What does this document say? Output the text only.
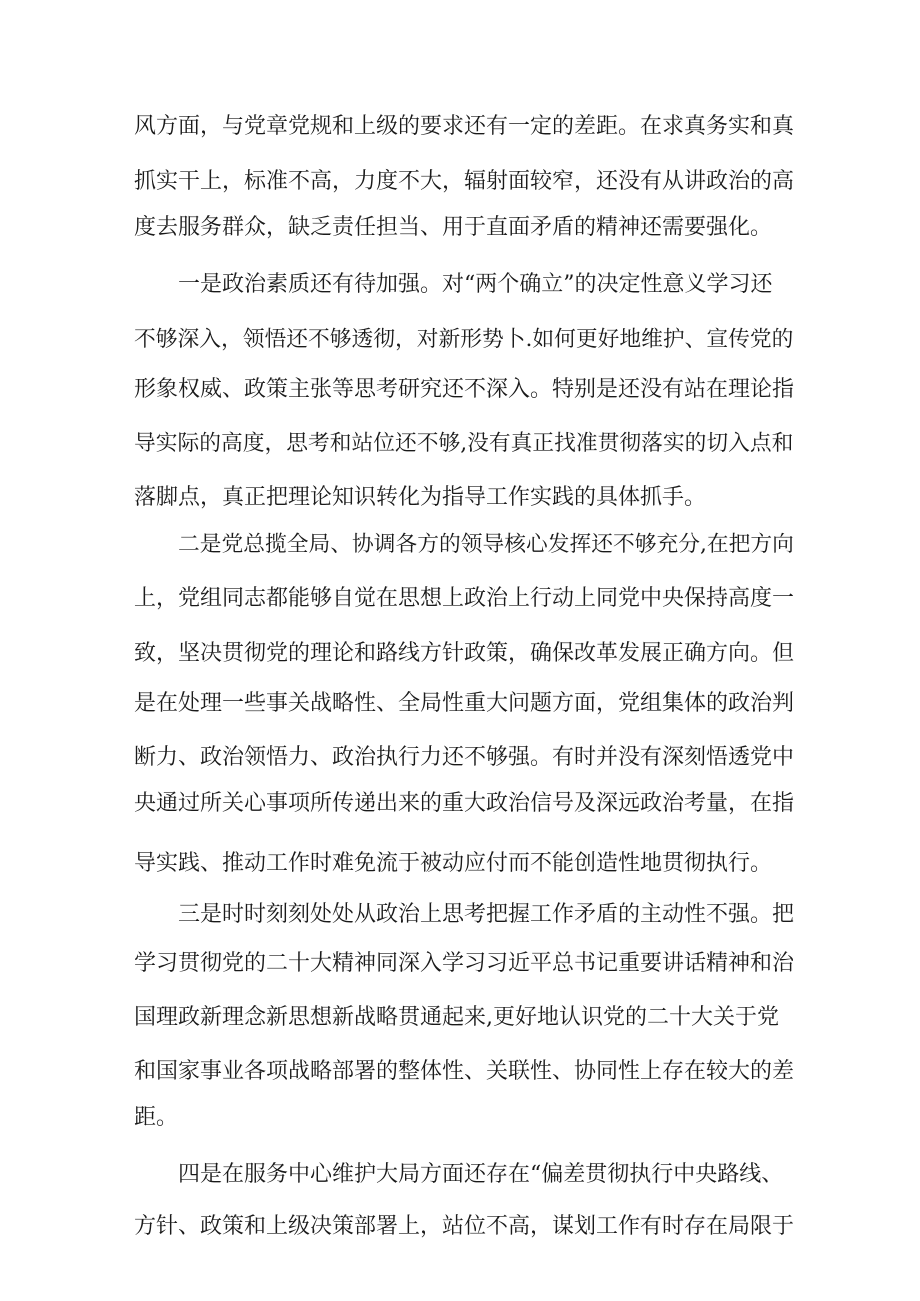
风方面，与党章党规和上级的要求还有一定的差距。在求真务实和真
抓实干上，标准不高，力度不大，辐射面较窄，还没有从讲政治的高
度去服务群众，缺乏责任担当、用于直面矛盾的精神还需要强化。
一是政治素质还有待加强。对“两个确立”的决定性意义学习还
不够深入，领悟还不够透彻，对新形势卜.如何更好地维护、宣传党的
形象权威、政策主张等思考研究还不深入。特别是还没有站在理论指
导实际的高度，思考和站位还不够,没有真正找准贯彻落实的切入点和
落脚点，真正把理论知识转化为指导工作实践的具体抓手。
二是党总揽全局、协调各方的领导核心发挥还不够充分,在把方向
上，党组同志都能够自觉在思想上政治上行动上同党中央保持高度一
致，坚决贯彻党的理论和路线方针政策，确保改革发展正确方向。但
是在处理一些事关战略性、全局性重大问题方面，党组集体的政治判
断力、政治领悟力、政治执行力还不够强。有时并没有深刻悟透党中
央通过所关心事项所传递出来的重大政治信号及深远政治考量，在指
导实践、推动工作时难免流于被动应付而不能创造性地贯彻执行。
三是时时刻刻处处从政治上思考把握工作矛盾的主动性不强。把
学习贯彻党的二十大精神同深入学习习近平总书记重要讲话精神和治
国理政新理念新思想新战略贯通起来,更好地认识党的二十大关于党
和国家事业各项战略部署的整体性、关联性、协同性上存在较大的差
距。
四是在服务中心维护大局方面还存在“偏差贯彻执行中央路线、
方针、政策和上级决策部署上，站位不高，谋划工作有时存在局限于
